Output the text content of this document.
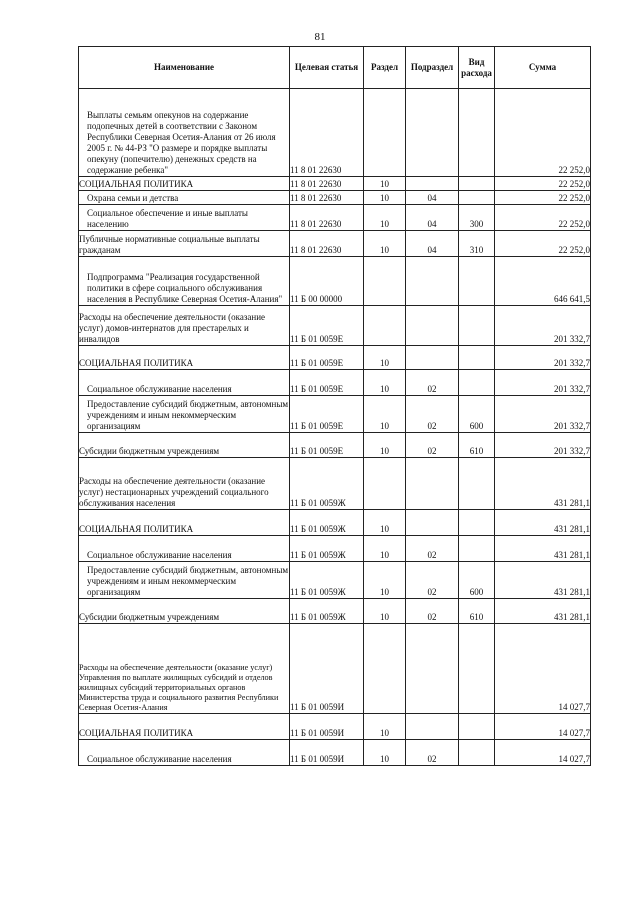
81
Наименование	Целевая статья	Раздел	Подраздел	Вид расхода	Сумма
Выплаты семьям опекунов на содержание подопечных детей в соответствии с Законом Республики Северная Осетия-Алания от 26 июля 2005 г. № 44-РЗ "О размере и порядке выплаты опекуну (попечителю) денежных средств на содержание ребенка"	11 8 01 22630				22 252,0
СОЦИАЛЬНАЯ ПОЛИТИКА	11 8 01 22630	10			22 252,0
Охрана семьи и детства	11 8 01 22630	10	04		22 252,0
Социальное обеспечение и иные выплаты населению	11 8 01 22630	10	04	300	22 252,0
Публичные нормативные социальные выплаты гражданам	11 8 01 22630	10	04	310	22 252,0
Подпрограмма "Реализация государственной политики в сфере социального обслуживания населения в Республике Северная Осетия-Алания"	11 Б 00 00000				646 641,5
Расходы на обеспечение деятельности (оказание услуг) домов-интернатов для престарелых и инвалидов	11 Б 01 0059Е				201 332,7
СОЦИАЛЬНАЯ ПОЛИТИКА	11 Б 01 0059Е	10			201 332,7
Социальное обслуживание населения	11 Б 01 0059Е	10	02		201 332,7
Предоставление субсидий бюджетным, автономным учреждениям и иным некоммерческим организациям	11 Б 01 0059Е	10	02	600	201 332,7
Субсидии бюджетным учреждениям	11 Б 01 0059Е	10	02	610	201 332,7
Расходы на обеспечение деятельности (оказание услуг) нестационарных учреждений социального обслуживания населения	11 Б 01 0059Ж				431 281,1
СОЦИАЛЬНАЯ ПОЛИТИКА	11 Б 01 0059Ж	10			431 281,1
Социальное обслуживание населения	11 Б 01 0059Ж	10	02		431 281,1
Предоставление субсидий бюджетным, автономным учреждениям и иным некоммерческим организациям	11 Б 01 0059Ж	10	02	600	431 281,1
Субсидии бюджетным учреждениям	11 Б 01 0059Ж	10	02	610	431 281,1
Расходы на обеспечение деятельности (оказание услуг) Управления по выплате жилищных субсидий и отделов жилищных субсидий территориальных органов Министерства труда и социального развития Республики Северная Осетия-Алания	11 Б 01 0059И				14 027,7
СОЦИАЛЬНАЯ ПОЛИТИКА	11 Б 01 0059И	10			14 027,7
Социальное обслуживание населения	11 Б 01 0059И	10	02		14 027,7
